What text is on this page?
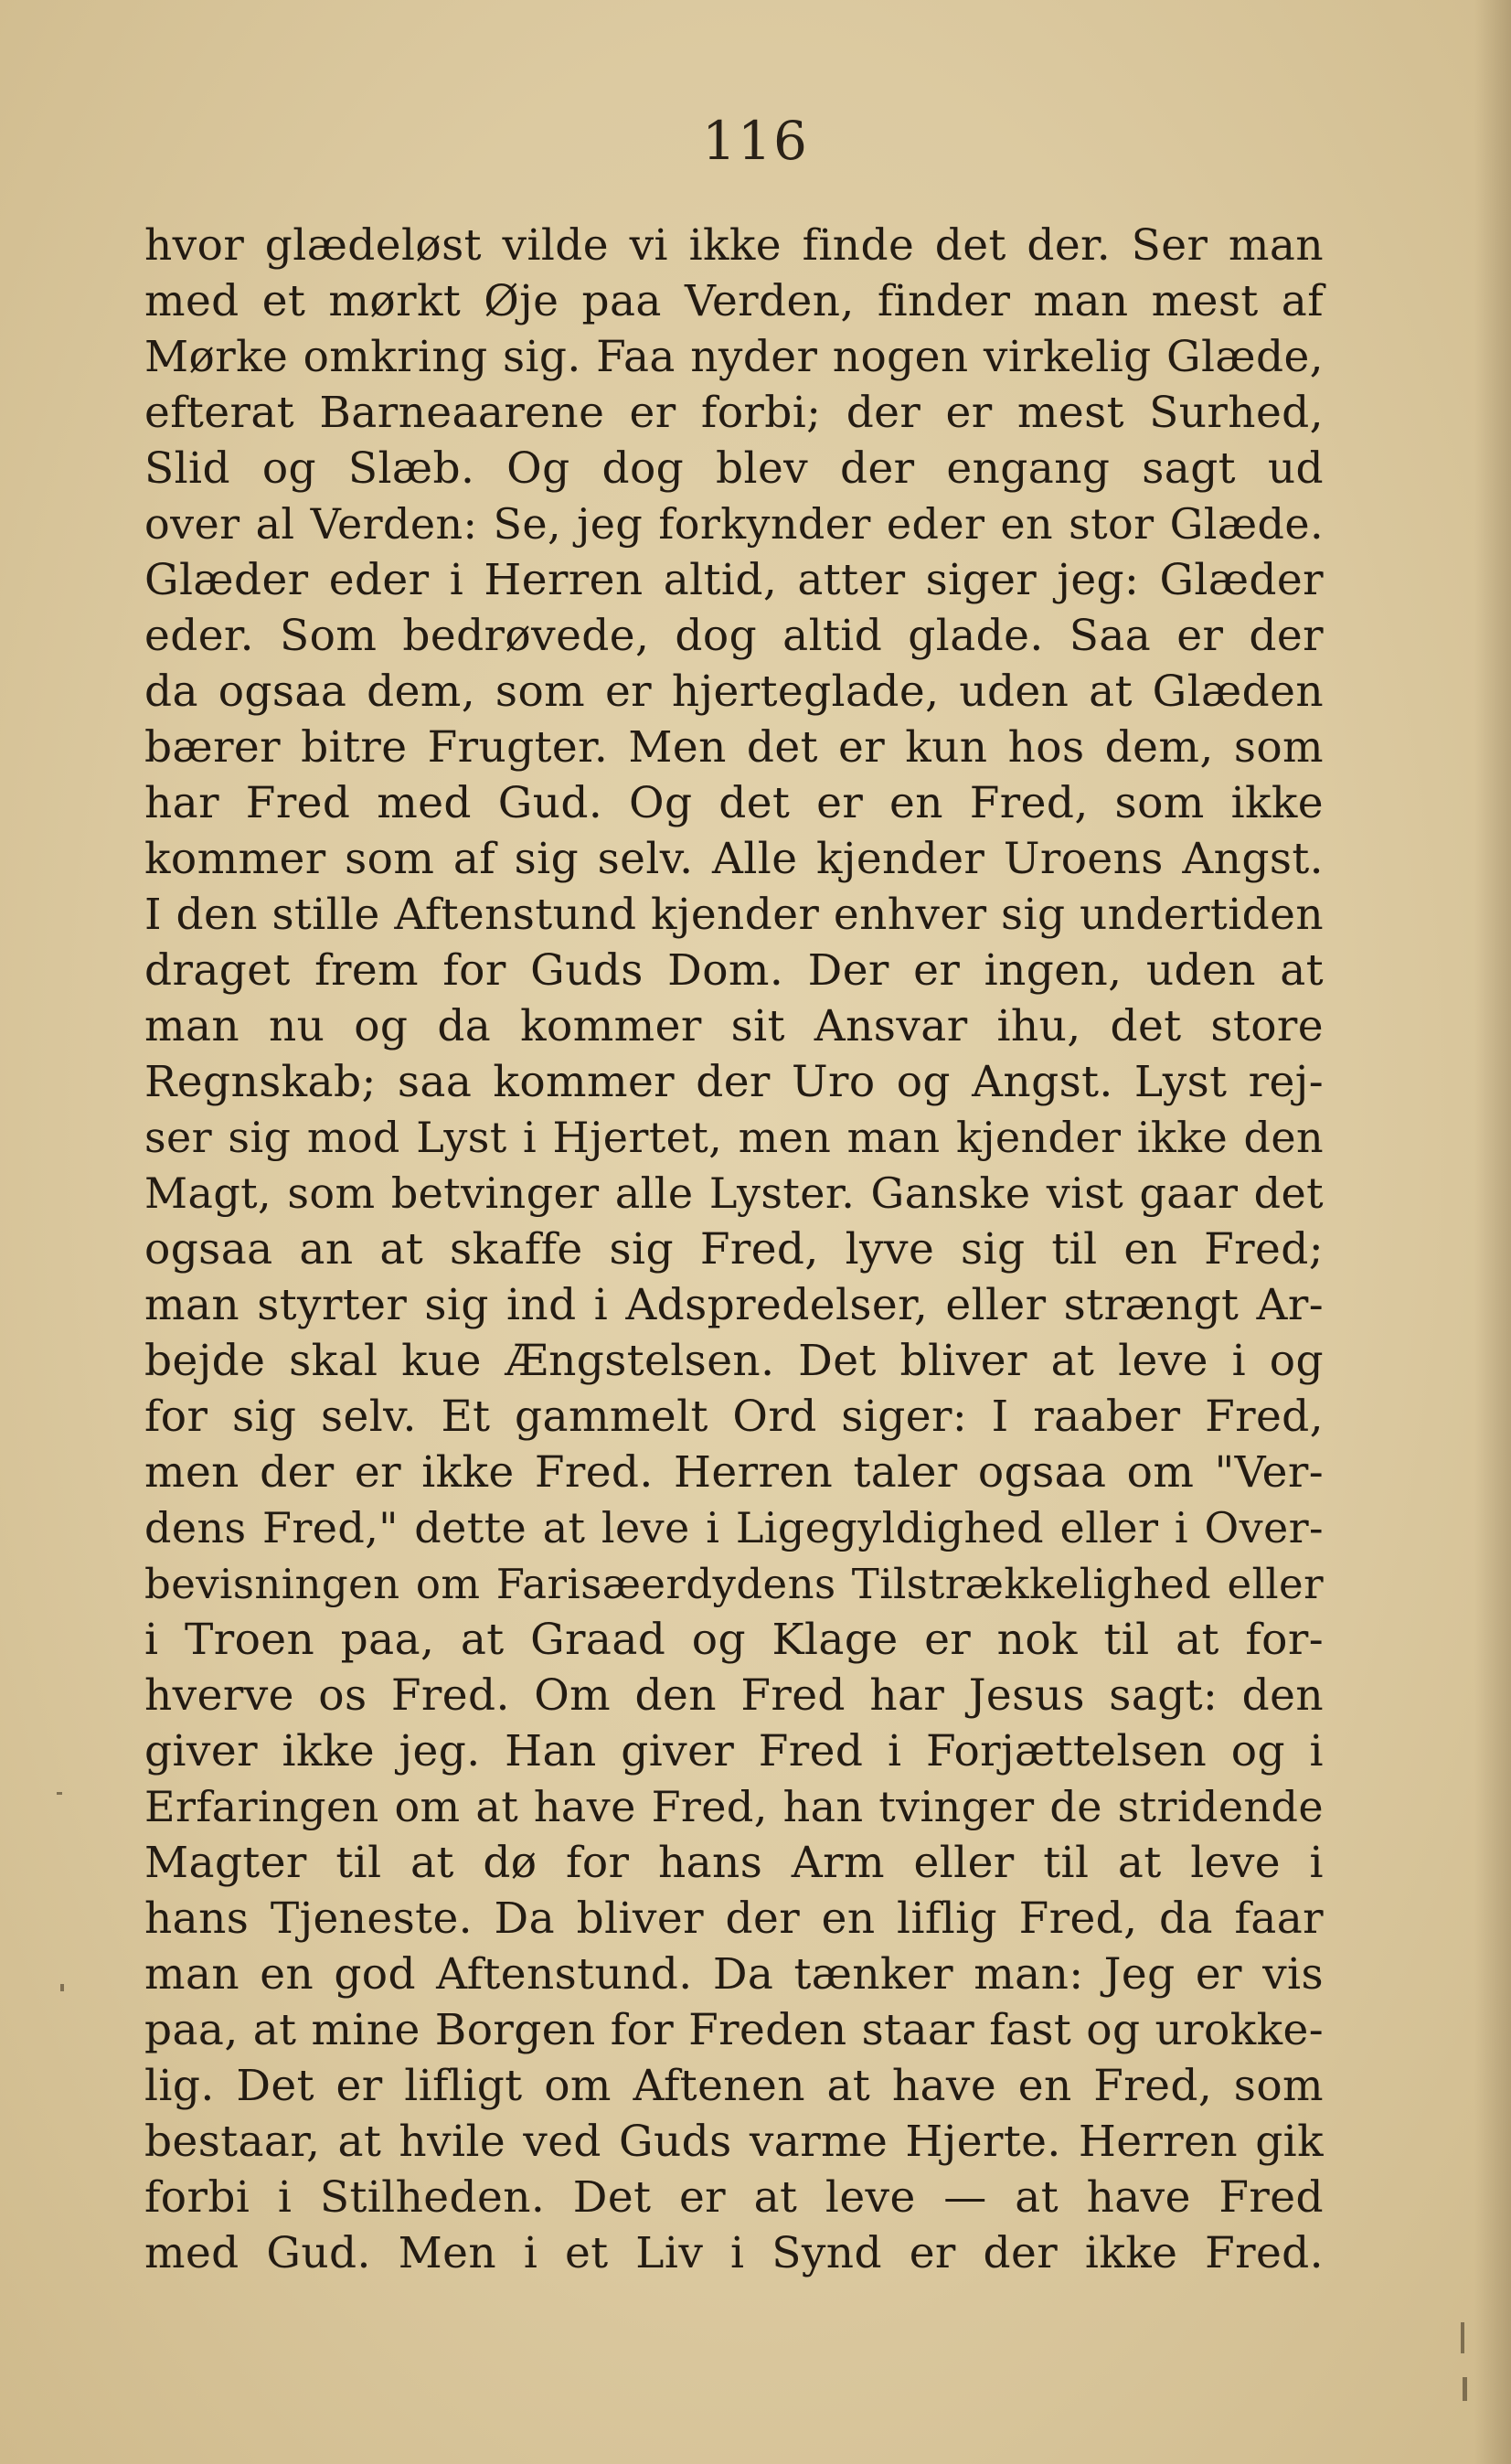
116
hvor glædeløst vilde vi ikke finde det der. Ser man
med et mørkt Øje paa Verden, finder man mest af
Mørke omkring sig. Faa nyder nogen virkelig Glæde,
efterat Barneaarene er forbi; der er mest Surhed,
Slid og Slæb. Og dog blev der engang sagt ud
over al Verden: Se, jeg forkynder eder en stor Glæde.
Glæder eder i Herren altid, atter siger jeg: Glæder
eder. Som bedrøvede, dog altid glade. Saa er der
da ogsaa dem, som er hjerteglade, uden at Glæden
bærer bitre Frugter. Men det er kun hos dem, som
har Fred med Gud. Og det er en Fred, som ikke
kommer som af sig selv. Alle kjender Uroens Angst.
I den stille Aftenstund kjender enhver sig undertiden
draget frem for Guds Dom. Der er ingen, uden at
man nu og da kommer sit Ansvar ihu, det store
Regnskab; saa kommer der Uro og Angst. Lyst rej-
ser sig mod Lyst i Hjertet, men man kjender ikke den
Magt, som betvinger alle Lyster. Ganske vist gaar det
ogsaa an at skaffe sig Fred, lyve sig til en Fred;
man styrter sig ind i Adspredelser, eller strængt Ar-
bejde skal kue Ængstelsen. Det bliver at leve i og
for sig selv. Et gammelt Ord siger: I raaber Fred,
men der er ikke Fred. Herren taler ogsaa om "Ver-
dens Fred," dette at leve i Ligegyldighed eller i Over-
bevisningen om Farisæerdydens Tilstrækkelighed eller
i Troen paa, at Graad og Klage er nok til at for-
hverve os Fred. Om den Fred har Jesus sagt: den
giver ikke jeg. Han giver Fred i Forjættelsen og i
Erfaringen om at have Fred, han tvinger de stridende
Magter til at dø for hans Arm eller til at leve i
hans Tjeneste. Da bliver der en liflig Fred, da faar
man en god Aftenstund. Da tænker man: Jeg er vis
paa, at mine Borgen for Freden staar fast og urokke-
lig. Det er lifligt om Aftenen at have en Fred, som
bestaar, at hvile ved Guds varme Hjerte. Herren gik
forbi i Stilheden. Det er at leve — at have Fred
med Gud. Men i et Liv i Synd er der ikke Fred.
